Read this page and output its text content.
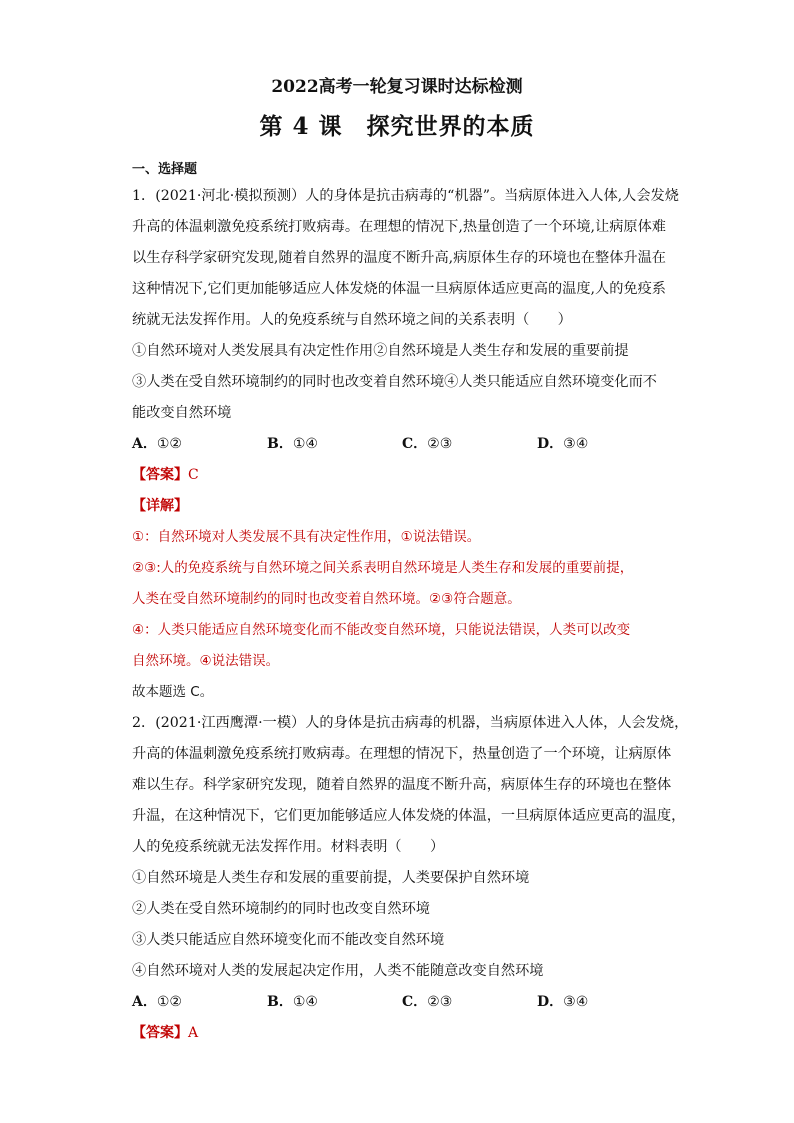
2022高考一轮复习课时达标检测
第 4 课　探究世界的本质
一、选择题

1．(2021·河北·模拟预测）人的身体是抗击病毒的“机器”。当病原体进入人体,人会发烧

升高的体温刺激免疫系统打败病毒。在理想的情况下,热量创造了一个环境,让病原体难

以生存科学家研究发现,随着自然界的温度不断升高,病原体生存的环境也在整体升温在

这种情况下,它们更加能够适应人体发烧的体温一旦病原体适应更高的温度,人的免疫系

统就无法发挥作用。人的免疫系统与自然环境之间的关系表明（　　）

①自然环境对人类发展具有决定性作用②自然环境是人类生存和发展的重要前提

③人类在受自然环境制约的同时也改变着自然环境④人类只能适应自然环境变化而不

能改变自然环境

A．①②	B．①④	C．②③	D．③④
【答案】C
【详解】

①：自然环境对人类发展不具有决定性作用，①说法错误。

②③:人的免疫系统与自然环境之间关系表明自然环境是人类生存和发展的重要前提，

人类在受自然环境制约的同时也改变着自然环境。②③符合题意。

④：人类只能适应自然环境变化而不能改变自然环境，只能说法错误，人类可以改变

自然环境。④说法错误。

故本题选 C。

2．(2021·江西鹰潭·一模）人的身体是抗击病毒的机器，当病原体进入人体，人会发烧，

升高的体温刺激免疫系统打败病毒。在理想的情况下，热量创造了一个环境，让病原体

难以生存。科学家研究发现，随着自然界的温度不断升高，病原体生存的环境也在整体

升温，在这种情况下，它们更加能够适应人体发烧的体温，一旦病原体适应更高的温度，

人的免疫系统就无法发挥作用。材料表明（　　）

①自然环境是人类生存和发展的重要前提，人类要保护自然环境

②人类在受自然环境制约的同时也改变自然环境

③人类只能适应自然环境变化而不能改变自然环境

④自然环境对人类的发展起决定作用，人类不能随意改变自然环境

A．①②	B．①④	C．②③	D．③④
【答案】A
